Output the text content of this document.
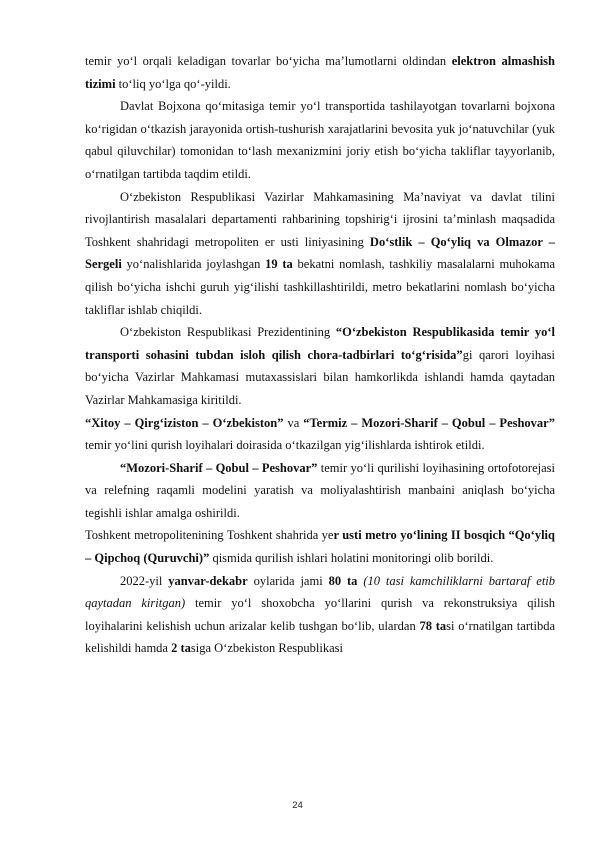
temir yo‘l orqali keladigan tovarlar bo‘yicha ma’lumotlarni oldindan elektron almashish tizimi to‘liq yo‘lga qo‘-yildi.

Davlat Bojxona qo‘mitasiga temir yo‘l transportida tashilayotgan tovarlarni bojxona ko‘rigidan o‘tkazish jarayonida ortish-tushurish xarajatlarini bevosita yuk jo‘natuvchilar (yuk qabul qiluvchilar) tomonidan to‘lash mexanizmini joriy etish bo‘yicha takliflar tayyorlanib, o‘rnatilgan tartibda taqdim etildi.

O‘zbekiston Respublikasi Vazirlar Mahkamasining Ma’naviyat va davlat tilini rivojlantirish masalalari departamenti rahbarining topshirig‘i ijrosini ta’minlash maqsadida Toshkent shahridagi metropoliten er usti liniyasining Do‘stlik – Qo‘yliq va Olmazor – Sergeli yo‘nalishlarida joylashgan 19 ta bekatni nomlash, tashkiliy masalalarni muhokama qilish bo‘yicha ishchi guruh yig‘ilishi tashkillashtirildi, metro bekatlarini nomlash bo‘yicha takliflar ishlab chiqildi.

O‘zbekiston Respublikasi Prezidentining “O‘zbekiston Respublikasida temir yo‘l transporti sohasini tubdan isloh qilish chora-tadbirlari to‘g‘risida”gi qarori loyihasi bo‘yicha Vazirlar Mahkamasi mutaxassislari bilan hamkorlikda ishlandi hamda qaytadan Vazirlar Mahkamasiga kiritildi.

“Xitoy – Qirg‘iziston – O‘zbekiston” va “Termiz – Mozori-Sharif – Qobul – Peshovar” temir yo‘lini qurish loyihalari doirasida o‘tkazilgan yig‘ilishlarda ishtirok etildi.

“Mozori-Sharif – Qobul – Peshovar” temir yo‘li qurilishi loyihasining ortofotorejasi va relefning raqamli modelini yaratish va moliyalashtirish manbaini aniqlash bo‘yicha tegishli ishlar amalga oshirildi.

Toshkent metropolitenining Toshkent shahrida yer usti metro yo‘lining II bosqich “Qo‘yliq – Qipchoq (Quruvchi)” qismida qurilish ishlari holatini monitoringi olib borildi.

2022-yil yanvar-dekabr oylarida jami 80 ta (10 tasi kamchiliklarni bartaraf etib qaytadan kiritgan) temir yo‘l shoxobcha yo‘llarini qurish va rekonstruksiya qilish loyihalarini kelishish uchun arizalar kelib tushgan bo‘lib, ulardan 78 tasi o‘rnatilgan tartibda kelishildi hamda 2 tasiga O‘zbekiston Respublikasi

24
